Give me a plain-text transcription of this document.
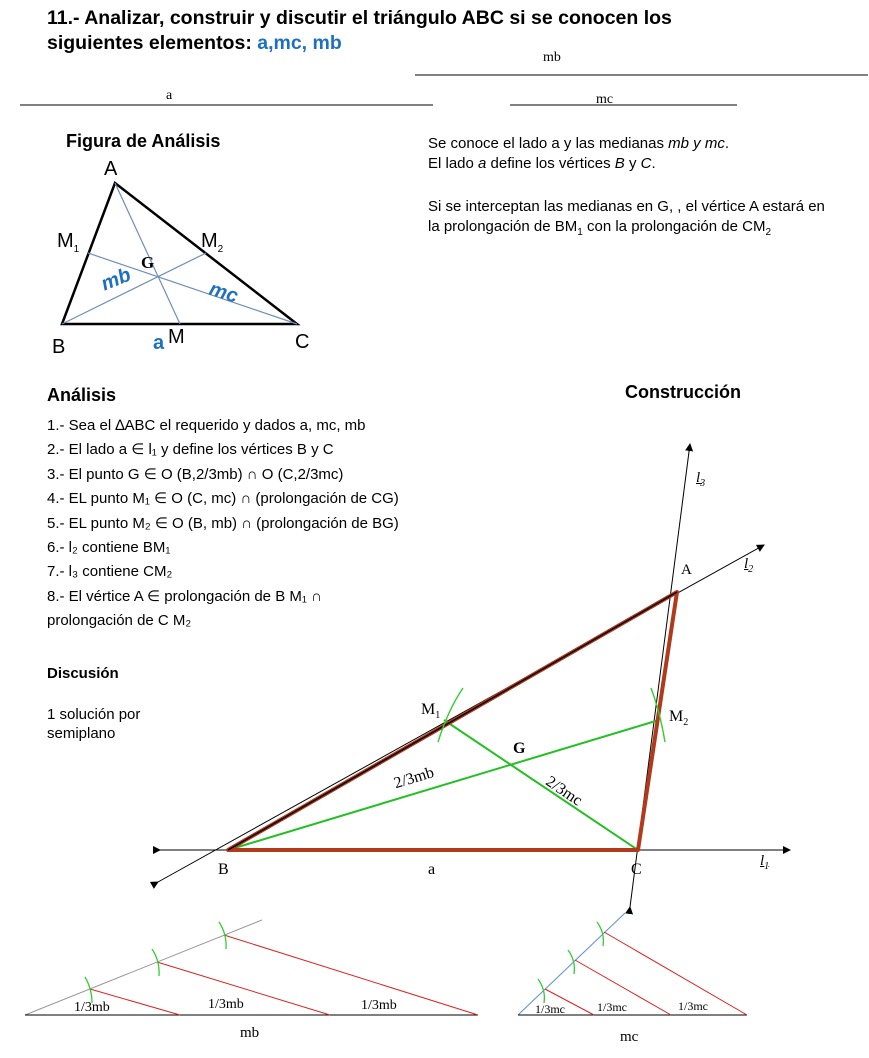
11.- Analizar, construir y discutir el triángulo ABC si se conocen los
siguientes elementos: a,mc, mb
mb
a	mc
Figura de Análisis
A
B	C
M
$M_1$	$M_2$
G
mb	mc
a
Se conoce el lado a y las medianas mb y mc.
El lado a define los vértices B y C.
Si se interceptan las medianas en G, , el vértice A estará en la prolongación de $BM_1$ con la prolongación de $CM_2$
Análisis
1.- Sea el ∆ABC el requerido y dados a, mc, mb
2.- El lado a ∈ l₁ y define los vértices B y C
3.- El punto G ∈ O (B,2/3mb) ∩ O (C,2/3mc)
4.- EL punto M₁ ∈ O (C, mc) ∩ (prolongación de CG)
5.- EL punto M₂ ∈ O (B, mb) ∩ (prolongación de BG)
6.- l₂ contiene BM₁
7.- l₃ contiene CM₂
8.- El vértice A ∈ prolongación de B M₁ ∩
prolongación de C M₂
Discusión
1 solución por
semiplano
Construcción
A
B	C
a
G
$M_1$	$M_2$
$l_1$
$l_2$
$l_3$
2/3mb	2/3mc
1/3mb	1/3mb	1/3mb
mb
1/3mc	1/3mc	1/3mc
mc
